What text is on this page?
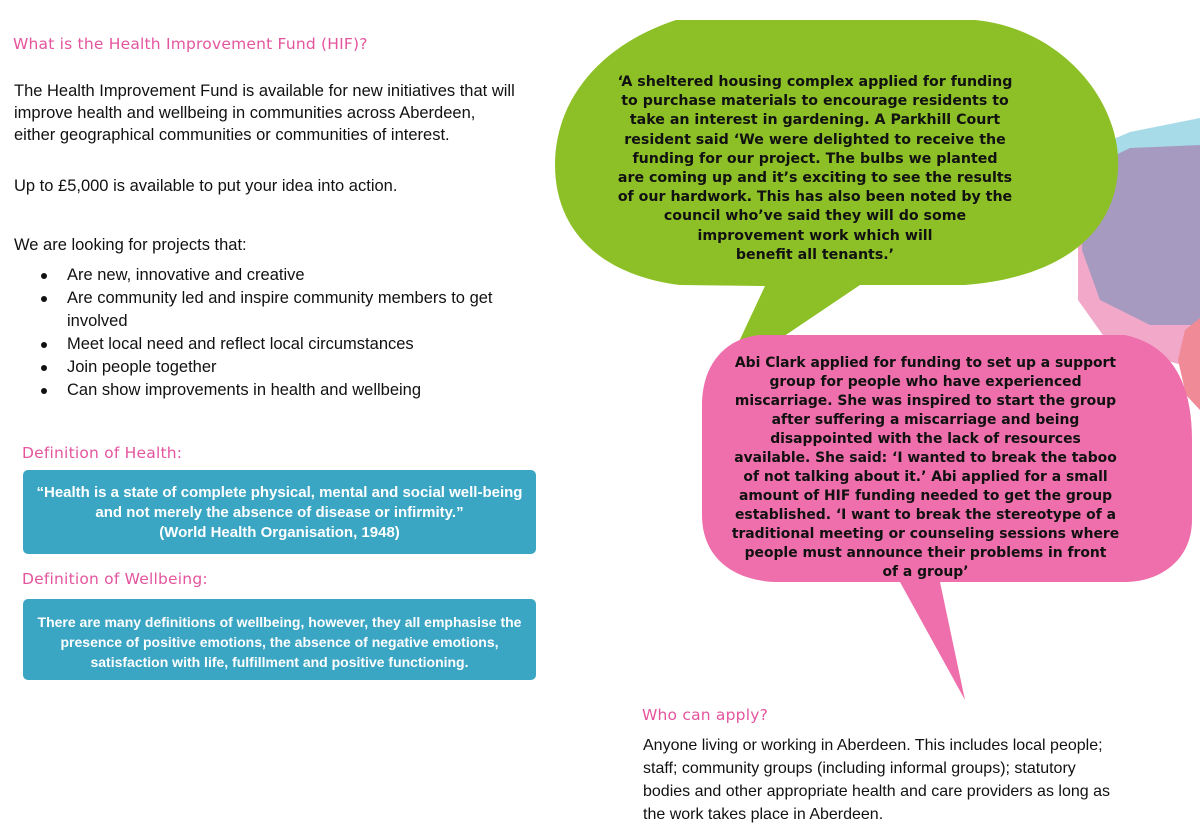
What is the Health Improvement Fund (HIF)?
The Health Improvement Fund is available for new initiatives that will
improve health and wellbeing in communities across Aberdeen,
either geographical communities or communities of interest.
Up to £5,000 is available to put your idea into action.
We are looking for projects that:
Are new, innovative and creative
Are community led and inspire community members to get involved
Meet local need and reflect local circumstances
Join people together
Can show improvements in health and wellbeing
Definition of Health:
“Health is a state of complete physical, mental and social well-being
and not merely the absence of disease or infirmity.”
(World Health Organisation, 1948)
Definition of Wellbeing:
There are many definitions of wellbeing, however, they all emphasise the
presence of positive emotions, the absence of negative emotions,
satisfaction with life, fulfillment and positive functioning.
‘A sheltered housing complex applied for funding
to purchase materials to encourage residents to
take an interest in gardening. A Parkhill Court
resident said ‘We were delighted to receive the
funding for our project. The bulbs we planted
are coming up and it’s exciting to see the results
of our hardwork. This has also been noted by the
council who’ve said they will do some
improvement work which will
benefit all tenants.’
Abi Clark applied for funding to set up a support
group for people who have experienced
miscarriage. She was inspired to start the group
after suffering a miscarriage and being
disappointed with the lack of resources
available. She said: ‘I wanted to break the taboo
of not talking about it.’ Abi applied for a small
amount of HIF funding needed to get the group
established. ‘I want to break the stereotype of a
traditional meeting or counseling sessions where
people must announce their problems in front
of a group’
Who can apply?
Anyone living or working in Aberdeen. This includes local people;
staff; community groups (including informal groups); statutory
bodies and other appropriate health and care providers as long as
the work takes place in Aberdeen.
